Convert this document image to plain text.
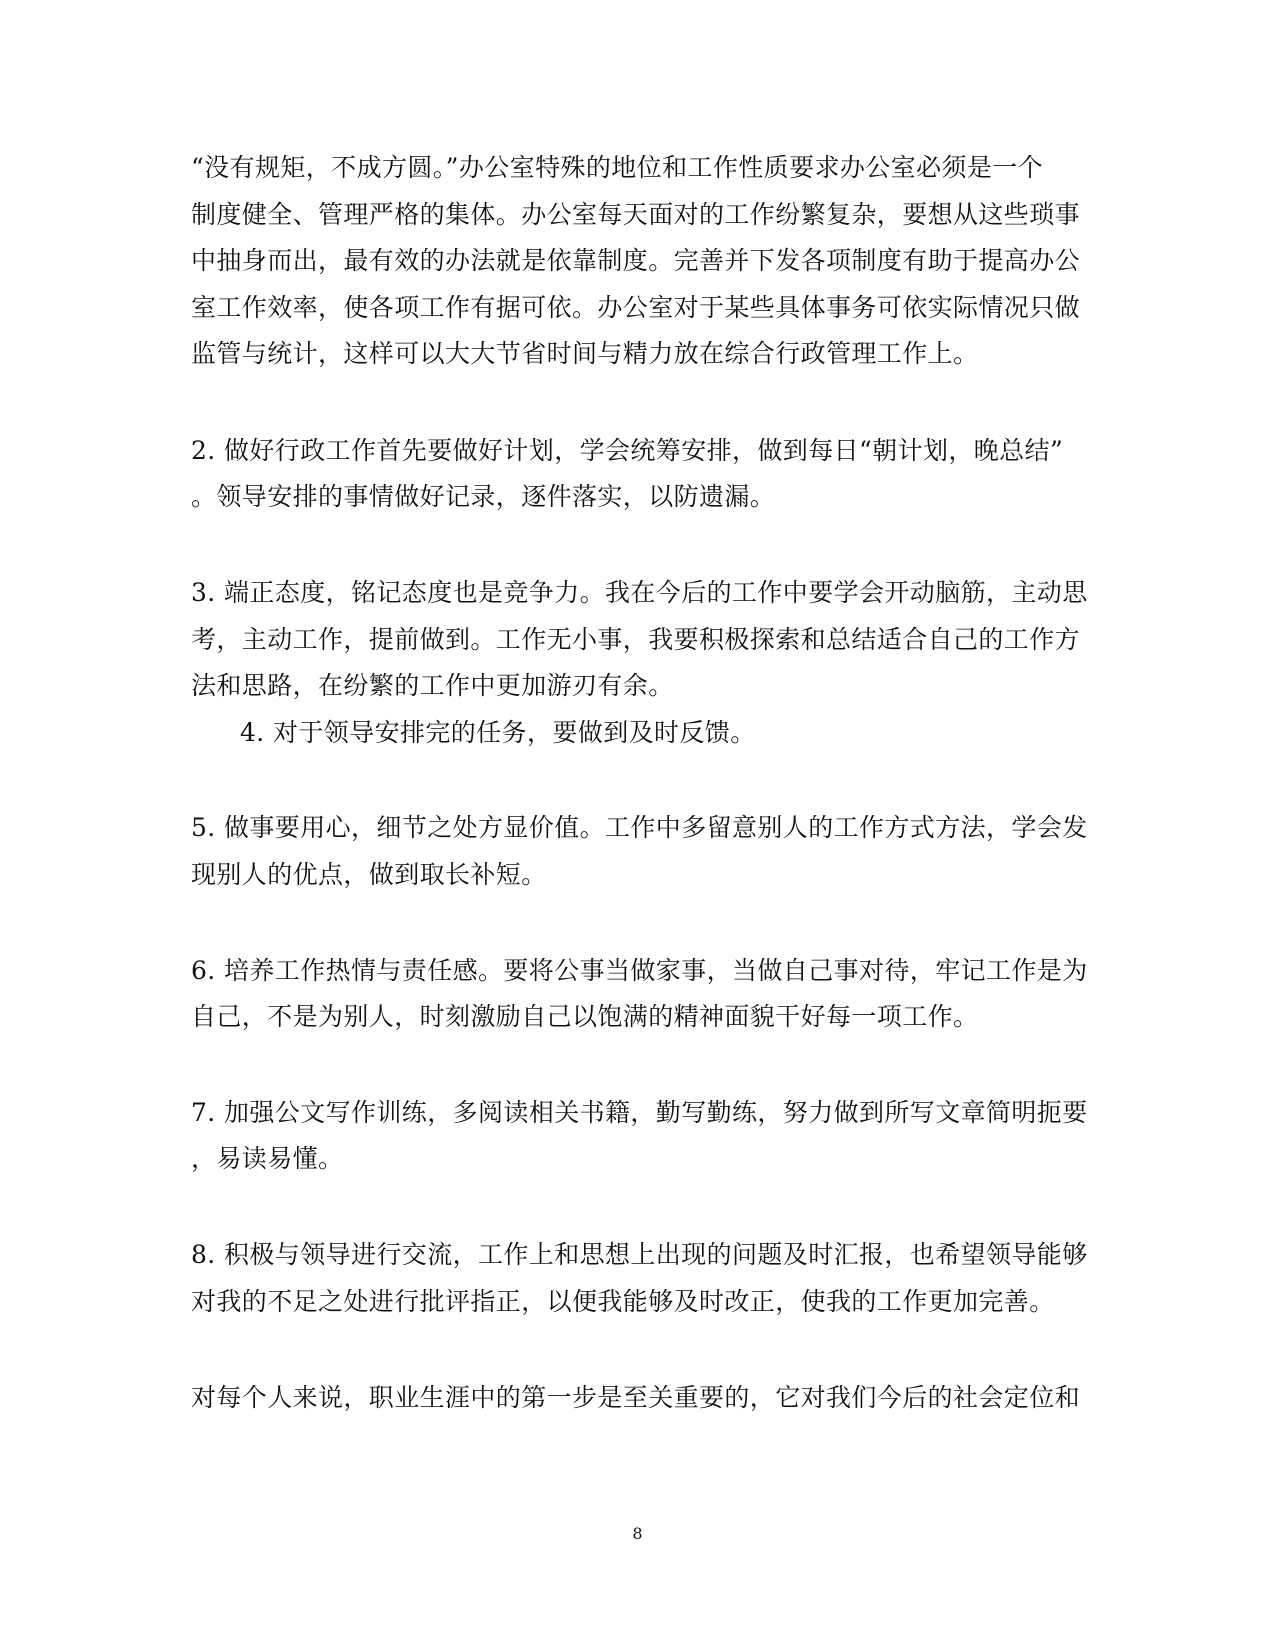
“没有规矩，不成方圆。”办公室特殊的地位和工作性质要求办公室必须是一个
制度健全、管理严格的集体。办公室每天面对的工作纷繁复杂，要想从这些琐事
中抽身而出，最有效的办法就是依靠制度。完善并下发各项制度有助于提高办公
室工作效率，使各项工作有据可依。办公室对于某些具体事务可依实际情况只做
监管与统计，这样可以大大节省时间与精力放在综合行政管理工作上。
2. 做好行政工作首先要做好计划，学会统筹安排，做到每日“朝计划，晚总结”
。领导安排的事情做好记录，逐件落实，以防遗漏。
3. 端正态度，铭记态度也是竞争力。我在今后的工作中要学会开动脑筋，主动思
考，主动工作，提前做到。工作无小事，我要积极探索和总结适合自己的工作方
法和思路，在纷繁的工作中更加游刃有余。
4. 对于领导安排完的任务，要做到及时反馈。
5. 做事要用心，细节之处方显价值。工作中多留意别人的工作方式方法，学会发
现别人的优点，做到取长补短。
6. 培养工作热情与责任感。要将公事当做家事，当做自己事对待，牢记工作是为
自己，不是为别人，时刻激励自己以饱满的精神面貌干好每一项工作。
7. 加强公文写作训练，多阅读相关书籍，勤写勤练，努力做到所写文章简明扼要
，易读易懂。
8. 积极与领导进行交流，工作上和思想上出现的问题及时汇报，也希望领导能够
对我的不足之处进行批评指正，以便我能够及时改正，使我的工作更加完善。
对每个人来说，职业生涯中的第一步是至关重要的，它对我们今后的社会定位和
8
